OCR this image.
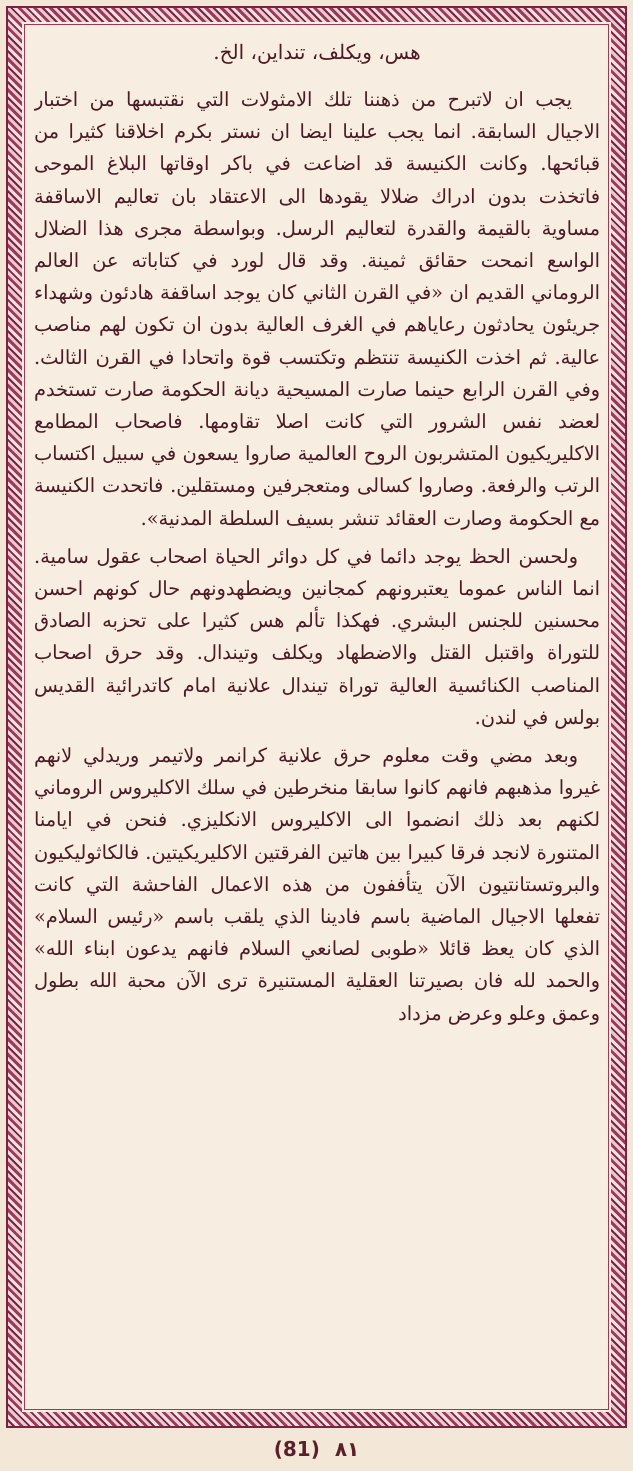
هس، ويكلف، تنداين، الخ.

يجب ان لاتبرح من ذهننا تلك الامثولات التي نقتبسها من اختبار الاجيال السابقة. انما يجب علينا ايضا ان نستر بكرم اخلاقنا كثيرا من قبائحها. وكانت الكنيسة قد اضاعت في باكر اوقاتها البلاغ الموحى فاتخذت بدون ادراك ضلالا يقودها الى الاعتقاد بان تعاليم الاساقفة مساوية بالقيمة والقدرة لتعاليم الرسل. وبواسطة مجرى هذا الضلال الواسع انمحت حقائق ثمينة. وقد قال لورد في كتاباته عن العالم الروماني القديم ان «في القرن الثاني كان يوجد اساقفة هادئون وشهداء جريئون يحادثون رعاياهم في الغرف العالية بدون ان تكون لهم مناصب عالية. ثم اخذت الكنيسة تنتظم وتكتسب قوة واتحادا في القرن الثالث. وفي القرن الرابع حينما صارت المسيحية ديانة الحكومة صارت تستخدم لعضد نفس الشرور التي كانت اصلا تقاومها. فاصحاب المطامع الاكليريكيون المتشربون الروح العالمية صاروا يسعون في سبيل اكتساب الرتب والرفعة. وصاروا كسالى ومتعجرفين ومستقلين. فاتحدت الكنيسة مع الحكومة وصارت العقائد تنشر بسيف السلطة المدنية».

ولحسن الحظ يوجد دائما في كل دوائر الحياة اصحاب عقول سامية. انما الناس عموما يعتبرونهم كمجانين ويضطهدونهم حال كونهم احسن محسنين للجنس البشري. فهكذا تألم هس كثيرا على تحزبه الصادق للتوراة واقتبل القتل والاضطهاد ويكلف وتيندال. وقد حرق اصحاب المناصب الكنائسية العالية توراة تيندال علانية امام كاتدرائية القديس بولس في لندن.

وبعد مضي وقت معلوم حرق علانية كرانمر ولاتيمر وريدلي لانهم غيروا مذهبهم فانهم كانوا سابقا منخرطين في سلك الاكليروس الروماني لكنهم بعد ذلك انضموا الى الاكليروس الانكليزي. فنحن في ايامنا المتنورة لانجد فرقا كبيرا بين هاتين الفرقتين الاكليريكيتين. فالكاثوليكيون والبروتستانتيون الآن يتأففون من هذه الاعمال الفاحشة التي كانت تفعلها الاجيال الماضية باسم فادينا الذي يلقب باسم «رئيس السلام» الذي كان يعظ قائلا «طوبى لصانعي السلام فانهم يدعون ابناء الله» والحمد لله فان بصيرتنا العقلية المستنيرة ترى الآن محبة الله بطول وعمق وعلو وعرض مزداد

(81) ٨١
